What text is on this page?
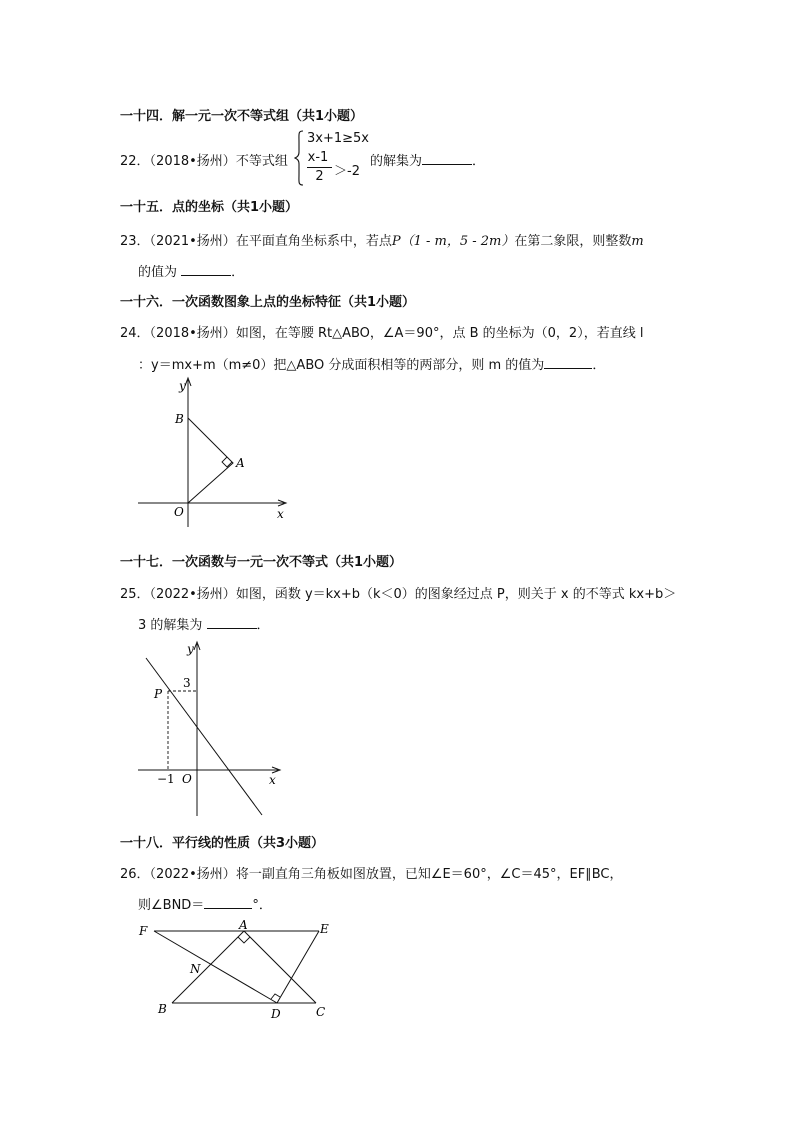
一十四．解一元一次不等式组（共1小题）
22．（2018•扬州）不等式组
3x+1≥5x
x-1
2 ＞-2
的解集为	．
一十五．点的坐标（共1小题）
23．（2021•扬州）在平面直角坐标系中，若点P（1 - m，5 - 2m）在第二象限，则整数m
的值为	．
一十六．一次函数图象上点的坐标特征（共1小题）
24．（2018•扬州）如图，在等腰 Rt△ABO，∠A＝90°，点 B 的坐标为（0，2），若直线 l
：y＝mx+m（m≠0）把△ABO 分成面积相等的两部分，则 m 的值为	．
y
B
A
O	x
一十七．一次函数与一元一次不等式（共1小题）
25．（2022•扬州）如图，函数 y＝kx+b（k＜0）的图象经过点 P，则关于 x 的不等式 kx+b＞
3 的解集为	．
y
3
P
−1 O	x
一十八．平行线的性质（共3小题）
26．（2022•扬州）将一副直角三角板如图放置，已知∠E＝60°，∠C＝45°，EF∥BC，
则∠BND＝	°．
F	A	E
N
B	D	C
